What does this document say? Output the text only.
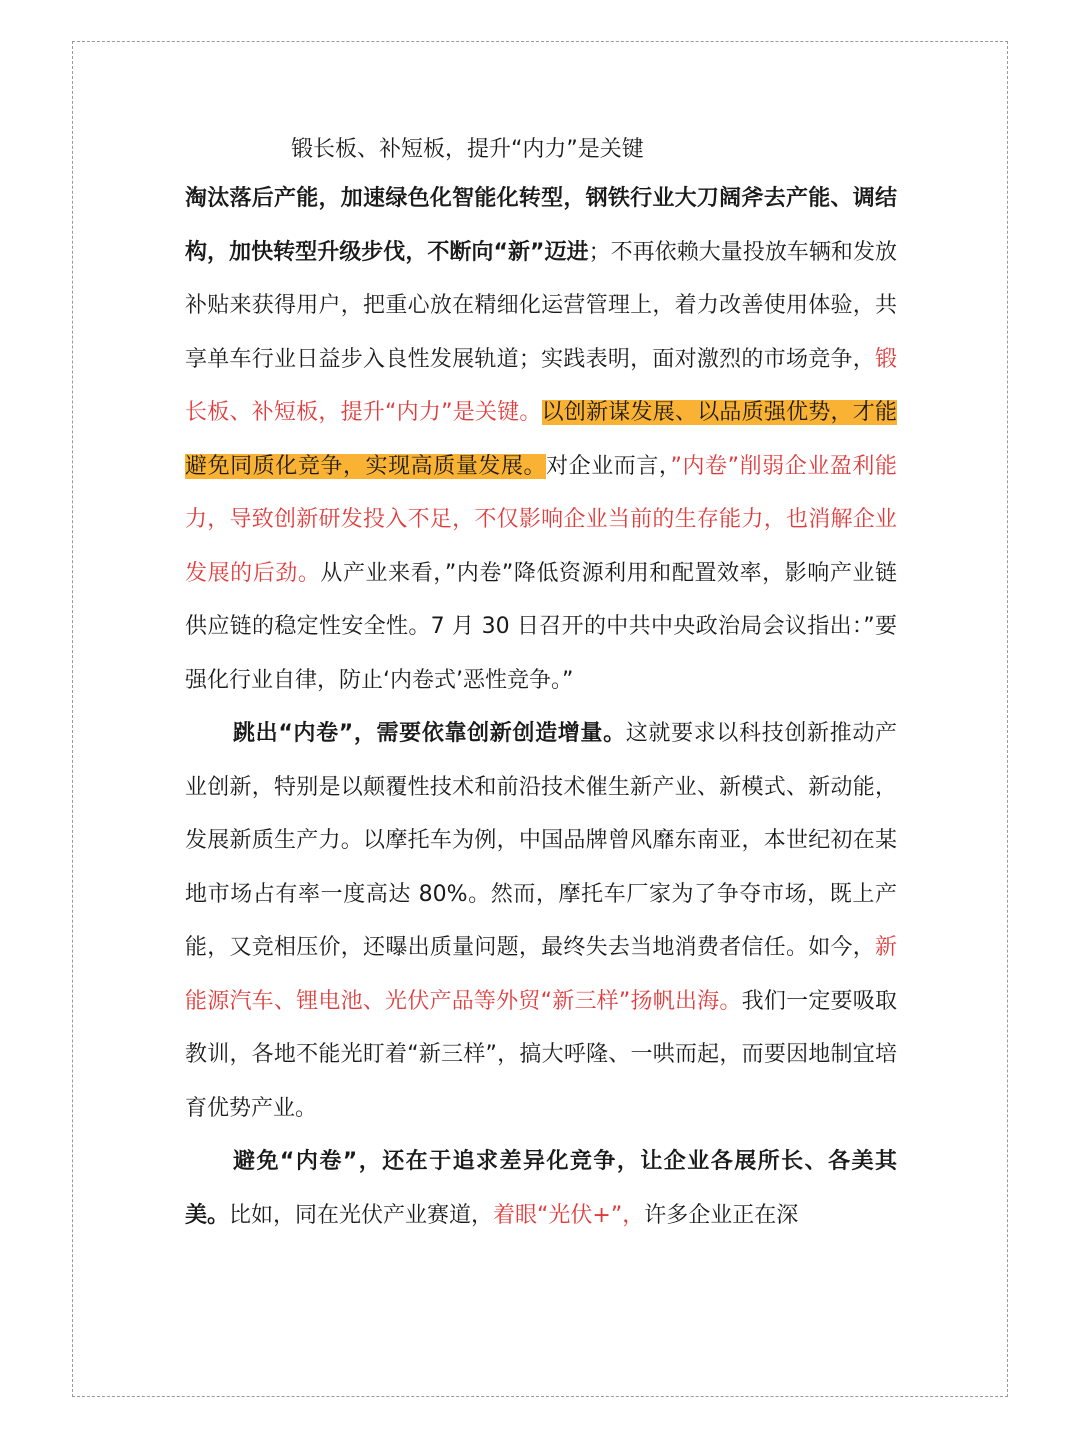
锻长板、补短板，提升“内力”是关键

淘汰落后产能，加速绿色化智能化转型，钢铁行业大刀阔斧去产能、调结构，加快转型升级步伐，不断向“新”迈进；不再依赖大量投放车辆和发放补贴来获得用户，把重心放在精细化运营管理上，着力改善使用体验，共享单车行业日益步入良性发展轨道；实践表明，面对激烈的市场竞争，锻长板、补短板，提升“内力”是关键。以创新谋发展、以品质强优势，才能避免同质化竞争，实现高质量发展。对企业而言，”内卷”削弱企业盈利能力，导致创新研发投入不足，不仅影响企业当前的生存能力，也消解企业发展的后劲。从产业来看，”内卷”降低资源利用和配置效率，影响产业链供应链的稳定性安全性。7 月 30 日召开的中共中央政治局会议指出：”要强化行业自律，防止‘内卷式’恶性竞争。”

跳出“内卷”，需要依靠创新创造增量。这就要求以科技创新推动产业创新，特别是以颠覆性技术和前沿技术催生新产业、新模式、新动能，发展新质生产力。以摩托车为例，中国品牌曾风靡东南亚，本世纪初在某地市场占有率一度高达 80%。然而，摩托车厂家为了争夺市场，既上产能，又竞相压价，还曝出质量问题，最终失去当地消费者信任。如今，新能源汽车、锂电池、光伏产品等外贸“新三样”扬帆出海。我们一定要吸取教训，各地不能光盯着“新三样”，搞大呼隆、一哄而起，而要因地制宜培育优势产业。

避免“内卷”，还在于追求差异化竞争，让企业各展所长、各美其美。比如，同在光伏产业赛道，着眼“光伏+”，许多企业正在深
